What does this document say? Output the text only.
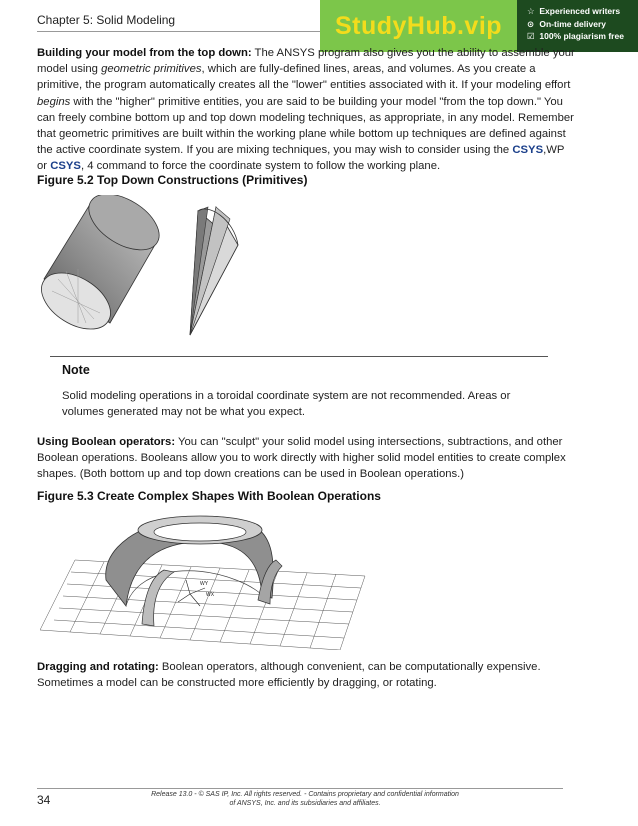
Chapter 5: Solid Modeling	StudyHub.vip
☆ Experienced writers
⊙ On-time delivery
☑ 100% plagiarism free
Building your model from the top down: The ANSYS program also gives you the ability to assemble your model using geometric primitives, which are fully-defined lines, areas, and volumes. As you create a primitive, the program automatically creates all the "lower" entities associated with it. If your modeling effort begins with the "higher" primitive entities, you are said to be building your model "from the top down." You can freely combine bottom up and top down modeling techniques, as appropriate, in any model. Remember that geometric primitives are built within the working plane while bottom up techniques are defined against the active coordinate system. If you are mixing techniques, you may wish to consider using the CSYS,WP or CSYS, 4 command to force the coordinate system to follow the working plane.
Figure 5.2 Top Down Constructions (Primitives)
Note
Solid modeling operations in a toroidal coordinate system are not recommended. Areas or volumes generated may not be what you expect.
Using Boolean operators: You can "sculpt" your solid model using intersections, subtractions, and other Boolean operations. Booleans allow you to work directly with higher solid model entities to create complex shapes. (Both bottom up and top down creations can be used in Boolean operations.)
Figure 5.3 Create Complex Shapes With Boolean Operations
WY
WX
Dragging and rotating: Boolean operators, although convenient, can be computationally expensive. Sometimes a model can be constructed more efficiently by dragging, or rotating.
34	Release 13.0 - © SAS IP, Inc. All rights reserved. - Contains proprietary and confidential information
of ANSYS, Inc. and its subsidiaries and affiliates.
